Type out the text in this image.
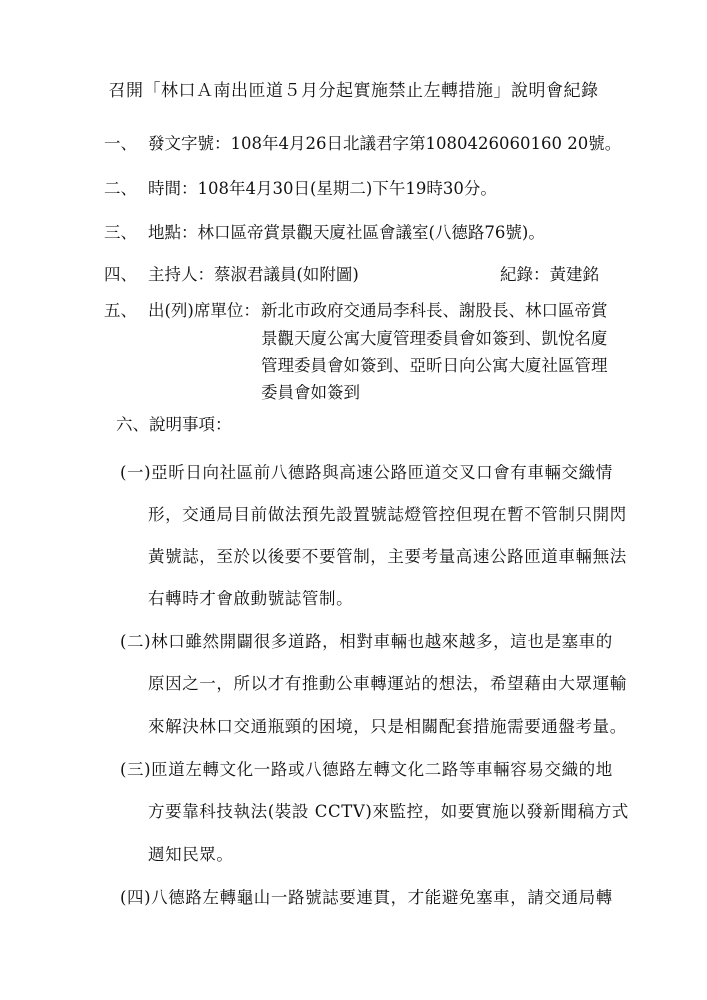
召開「林口Ａ南出匝道５月分起實施禁止左轉措施」說明會紀錄
一、 發文字號：108年4月26日北議君字第1080426060160 20號。
二、 時間：108年4月30日(星期二)下午19時30分。
三、 地點：林口區帝賞景觀天廈社區會議室(八德路76號)。
四、 主持人：蔡淑君議員(如附圖)	紀錄：黃建銘
五、 出(列)席單位： 新北市政府交通局李科長、謝股長、林口區帝賞
景觀天廈公寓大廈管理委員會如簽到、凱悅名廈
管理委員會如簽到、亞昕日向公寓大廈社區管理
委員會如簽到
六、說明事項：
(一)亞昕日向社區前八德路與高速公路匝道交叉口會有車輛交織情
形，交通局目前做法預先設置號誌燈管控但現在暫不管制只開閃
黃號誌，至於以後要不要管制，主要考量高速公路匝道車輛無法
右轉時才會啟動號誌管制。
(二)林口雖然開闢很多道路，相對車輛也越來越多，這也是塞車的
原因之一，所以才有推動公車轉運站的想法，希望藉由大眾運輸
來解決林口交通瓶頸的困境，只是相關配套措施需要通盤考量。
(三)匝道左轉文化一路或八德路左轉文化二路等車輛容易交織的地
方要靠科技執法(裝設 CCTV)來監控，如要實施以發新聞稿方式
週知民眾。
(四)八德路左轉龜山一路號誌要連貫，才能避免塞車，請交通局轉
